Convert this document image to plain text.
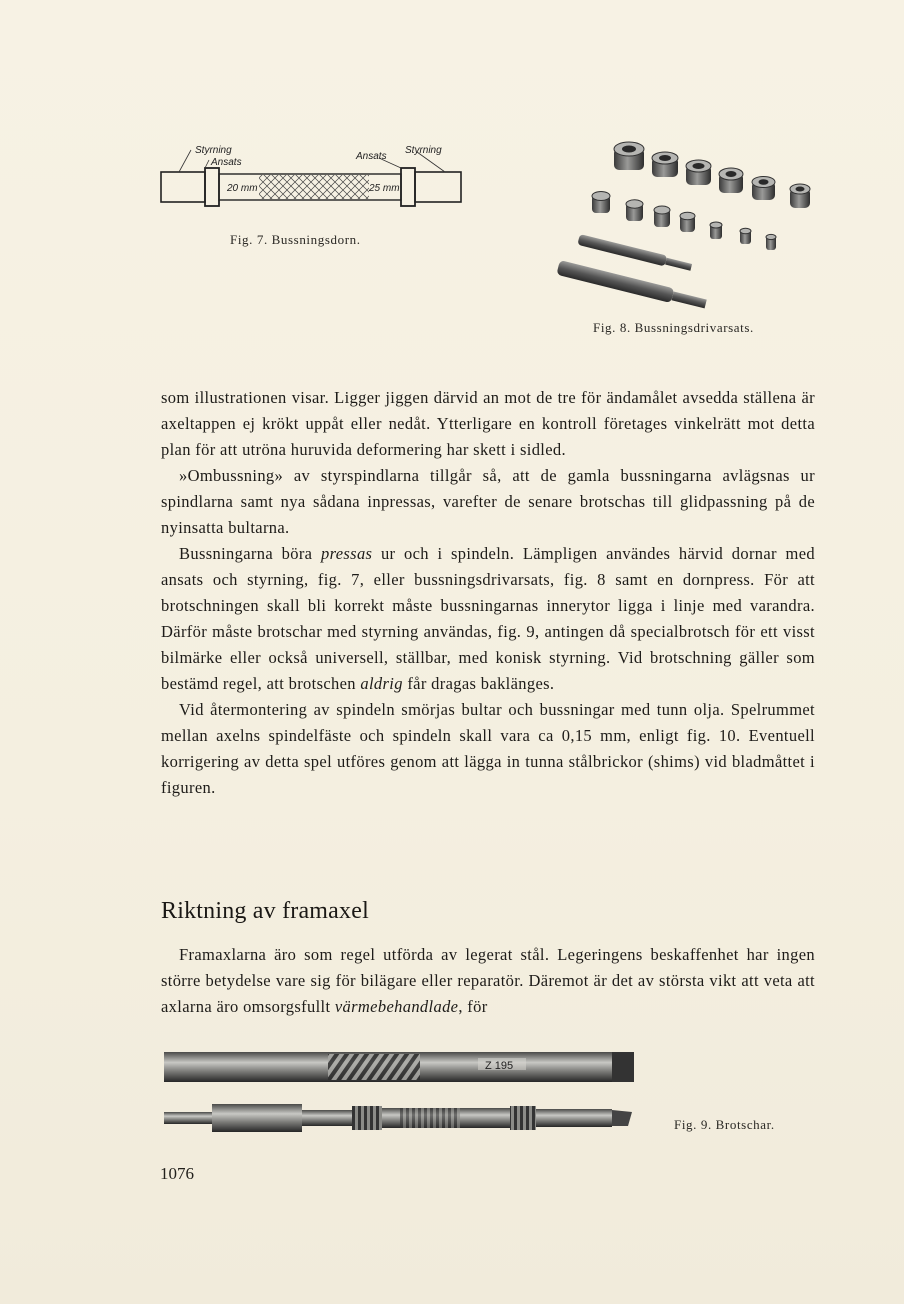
Styrning
Ansats
Ansats
Styrning
20 mm	25 mm
Fig. 7. Bussningsdorn.
Fig. 8. Bussningsdrivarsats.

som illustrationen visar. Ligger jiggen därvid an mot de tre för ändamålet avsedda ställena är axeltappen ej krökt uppåt eller nedåt. Ytterligare en kontroll företages vinkelrätt mot detta plan för att utröna huruvida deformering har skett i sidled.

»Ombussning» av styrspindlarna tillgår så, att de gamla bussningarna avlägsnas ur spindlarna samt nya sådana inpressas, varefter de senare brotschas till glidpassning på de nyinsatta bultarna.

Bussningarna böra pressas ur och i spindeln. Lämpligen användes härvid dornar med ansats och styrning, fig. 7, eller bussningsdrivarsats, fig. 8 samt en dornpress. För att brotschningen skall bli korrekt måste bussningarnas innerytor ligga i linje med varandra. Därför måste brotschar med styrning användas, fig. 9, antingen då specialbrotsch för ett visst bilmärke eller också universell, ställbar, med konisk styrning. Vid brotschning gäller som bestämd regel, att brotschen aldrig får dragas baklänges.

Vid återmontering av spindeln smörjas bultar och bussningar med tunn olja. Spelrummet mellan axelns spindelfäste och spindeln skall vara ca 0,15 mm, enligt fig. 10. Eventuell korrigering av detta spel utföres genom att lägga in tunna stålbrickor (shims) vid bladmåttet i figuren.

Riktning av framaxel

Framaxlarna äro som regel utförda av legerat stål. Legeringens beskaffenhet har ingen större betydelse vare sig för bilägare eller reparatör. Däremot är det av största vikt att veta att axlarna äro omsorgsfullt värmebehandlade, för

Z 195
Fig. 9. Brotschar.
1076
